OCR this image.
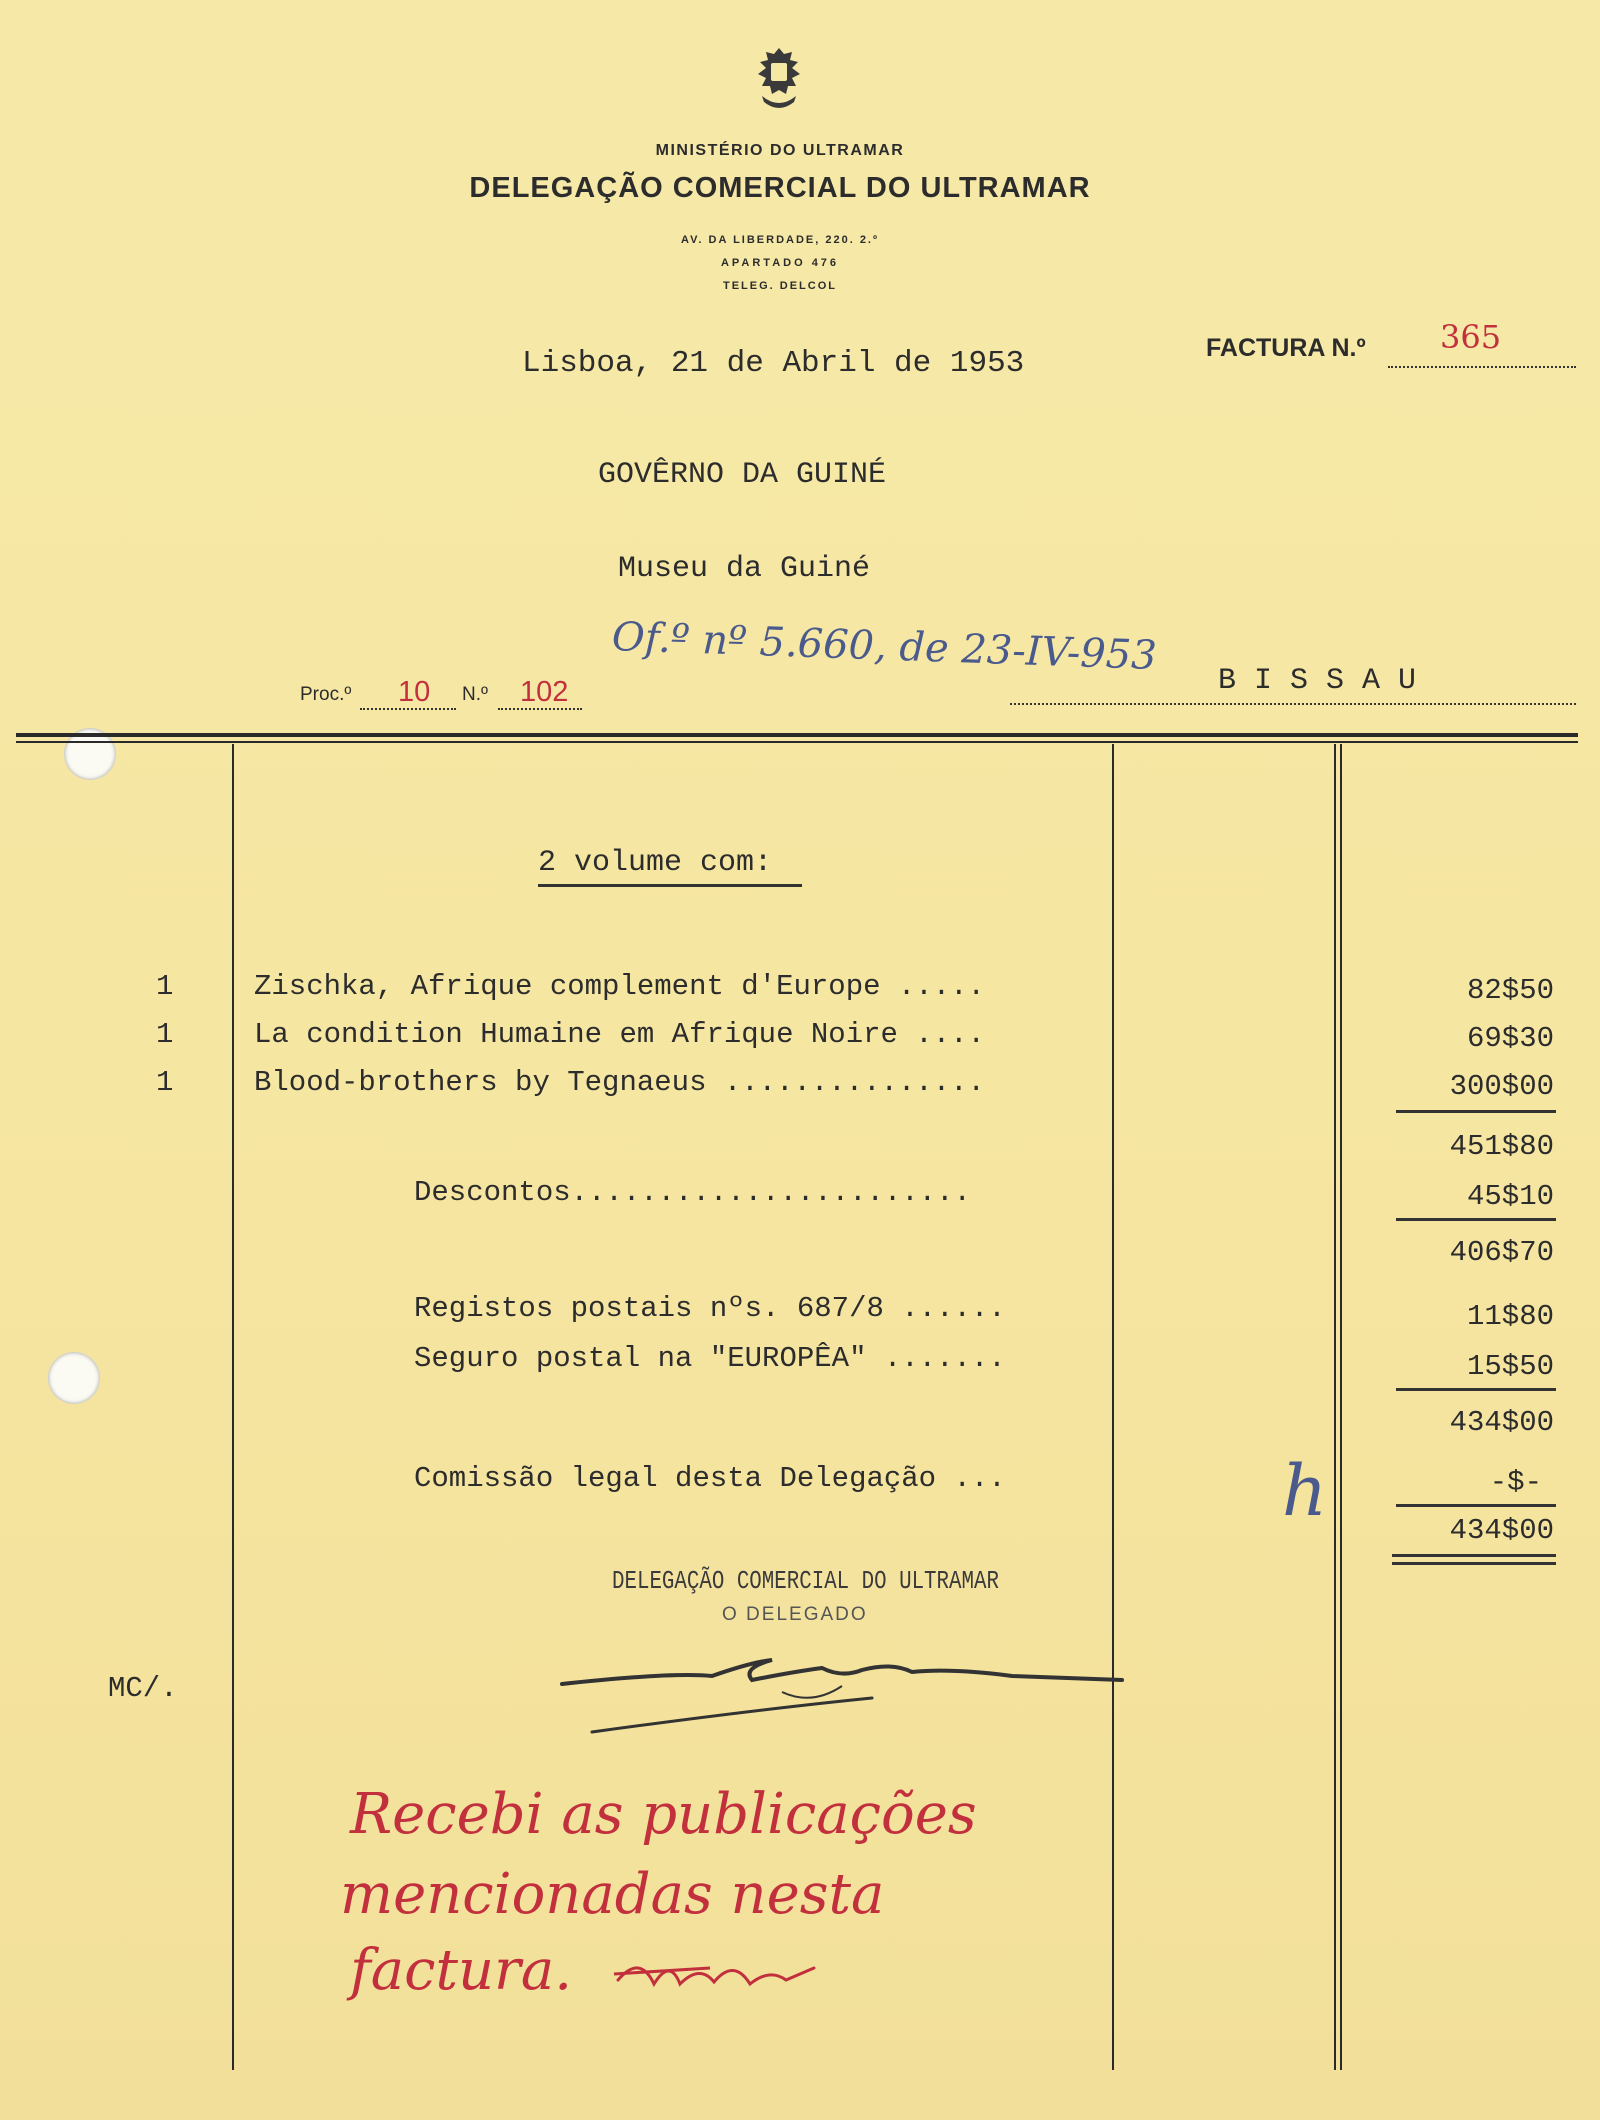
MINISTÉRIO DO ULTRAMAR
DELEGAÇÃO COMERCIAL DO ULTRAMAR
AV. DA LIBERDADE, 220. 2.º
APARTADO 476
TELEG. DELCOL
Lisboa, 21 de Abril de 1953	FACTURA N.º 365
GOVÊRNO DA GUINÉ
Museu da Guiné
Of.º nº 5.660, de 23-IV-953
B I S S A U
Proc.º 10 N.º 102
2 volume com:
1	Zischka, Afrique complement d'Europe .....	82$50
1	La condition Humaine em Afrique Noire ....	69$30
1	Blood-brothers by Tegnaeus ...............	300$00
451$80
Descontos.......................	45$10
406$70
Registos postais nºs. 687/8 ......	11$80
Seguro postal na "EUROPÊA" .......	15$50
434$00
Comissão legal desta Delegação ...	-$-
h	434$00
DELEGAÇÃO COMERCIAL DO ULTRAMAR
O DELEGADO
MC/.
Recebi as publicações
mencionadas nesta
factura.
